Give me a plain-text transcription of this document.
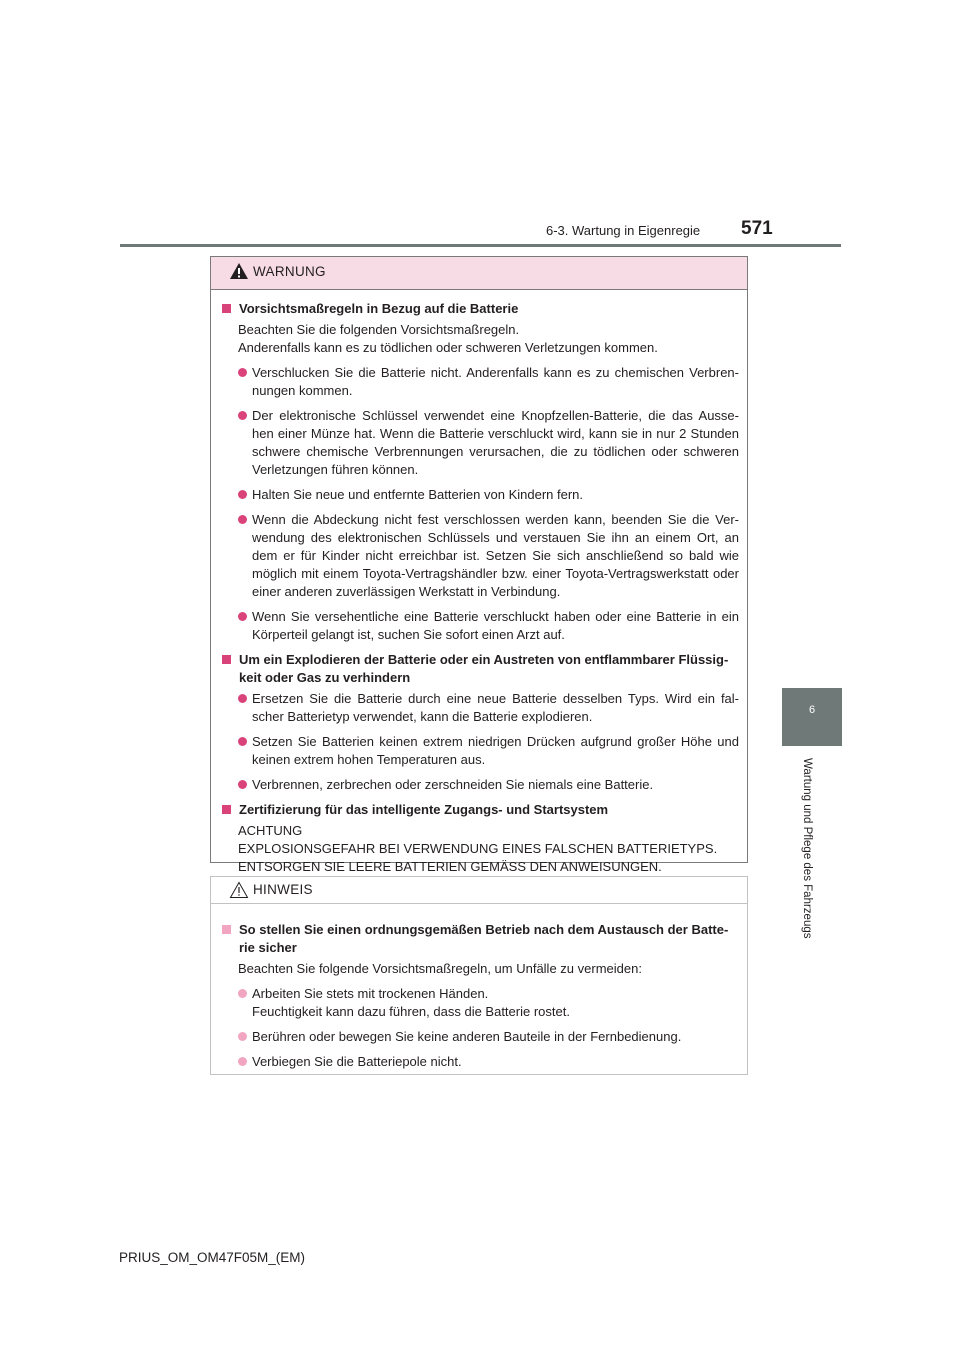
6-3. Wartung in Eigenregie 571
6
Wartung und Pflege des Fahrzeugs
WARNUNG
Vorsichtsmaßregeln in Bezug auf die Batterie
Beachten Sie die folgenden Vorsichtsmaßregeln.
Anderenfalls kann es zu tödlichen oder schweren Verletzungen kommen.
Verschlucken Sie die Batterie nicht. Anderenfalls kann es zu chemischen Verbren- nungen kommen.
Der elektronische Schlüssel verwendet eine Knopfzellen-Batterie, die das Ausse- hen einer Münze hat. Wenn die Batterie verschluckt wird, kann sie in nur 2 Stunden schwere chemische Verbrennungen verursachen, die zu tödlichen oder schweren Verletzungen führen können.
Halten Sie neue und entfernte Batterien von Kindern fern.
Wenn die Abdeckung nicht fest verschlossen werden kann, beenden Sie die Ver- wendung des elektronischen Schlüssels und verstauen Sie ihn an einem Ort, an dem er für Kinder nicht erreichbar ist. Setzen Sie sich anschließend so bald wie möglich mit einem Toyota-Vertragshändler bzw. einer Toyota-Vertragswerkstatt oder einer anderen zuverlässigen Werkstatt in Verbindung.
Wenn Sie versehentliche eine Batterie verschluckt haben oder eine Batterie in ein Körperteil gelangt ist, suchen Sie sofort einen Arzt auf.
Um ein Explodieren der Batterie oder ein Austreten von entflammbarer Flüssig- keit oder Gas zu verhindern
Ersetzen Sie die Batterie durch eine neue Batterie desselben Typs. Wird ein fal- scher Batterietyp verwendet, kann die Batterie explodieren.
Setzen Sie Batterien keinen extrem niedrigen Drücken aufgrund großer Höhe und keinen extrem hohen Temperaturen aus.
Verbrennen, zerbrechen oder zerschneiden Sie niemals eine Batterie.
Zertifizierung für das intelligente Zugangs- und Startsystem
ACHTUNG
EXPLOSIONSGEFAHR BEI VERWENDUNG EINES FALSCHEN BATTERIETYPS.
ENTSORGEN SIE LEERE BATTERIEN GEMÄSS DEN ANWEISUNGEN.
HINWEIS
So stellen Sie einen ordnungsgemäßen Betrieb nach dem Austausch der Batte- rie sicher
Beachten Sie folgende Vorsichtsmaßregeln, um Unfälle zu vermeiden:
Arbeiten Sie stets mit trockenen Händen.
Feuchtigkeit kann dazu führen, dass die Batterie rostet.
Berühren oder bewegen Sie keine anderen Bauteile in der Fernbedienung.
Verbiegen Sie die Batteriepole nicht.
PRIUS_OM_OM47F05M_(EM)
